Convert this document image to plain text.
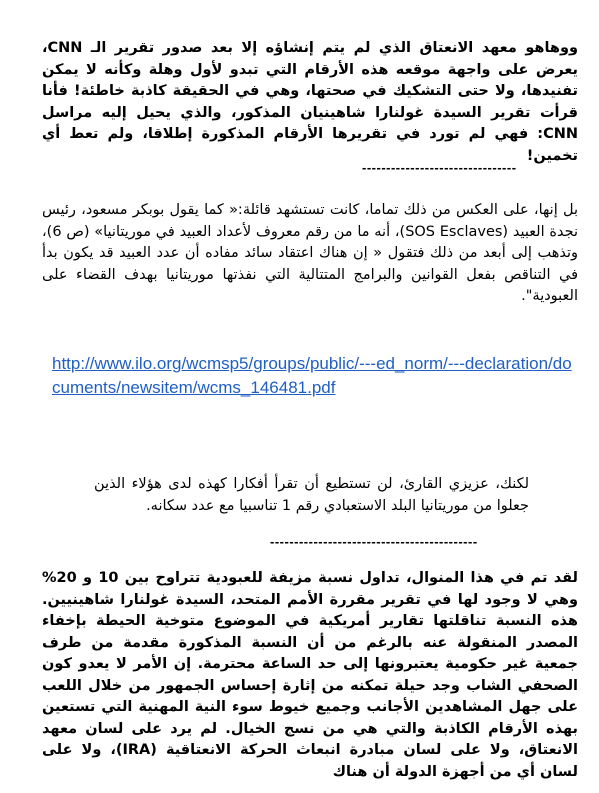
ووهاهو معهد الانعتاق الذي لم يتم إنشاؤه إلا بعد صدور تقرير الـ CNN، يعرض على واجهة موقعه هذه الأرقام التي تبدو لأول وهلة وكأنه لا يمكن تفنيدها، ولا حتى التشكيك في صحتها، وهي في الحقيقة كاذبة خاطئة! فأنا قرأت تقرير السيدة غولنارا شاهينيان المذكور، والذي يحيل إليه مراسل CNN: فهي لم تورد في تقريرها الأرقام المذكورة إطلاقا، ولم تعط أي تخمين!

--------------------------------

بل إنها، على العكس من ذلك تماما، كانت تستشهد قائلة:« كما يقول بوبكر مسعود، رئيس نجدة العبيد (SOS Esclaves)، أنه ما من رقم معروف لأعداد العبيد في موريتانيا» (ص 6)، وتذهب إلى أبعد من ذلك فتقول « إن هناك اعتقاد سائد مفاده أن عدد العبيد قد يكون بدأ في التناقص بفعل القوانين والبرامج المتتالية التي نفذتها موريتانيا بهدف القضاء على العبودية".

http://www.ilo.org/wcmsp5/groups/public/---ed_norm/---declaration/documents/newsitem/wcms_146481.pdf

لكنك، عزيزي القارئ، لن تستطيع أن تقرأ أفكارا كهذه لدى هؤلاء الذين جعلوا من موريتانيا البلد الاستعبادي رقم 1 تناسبيا مع عدد سكانه.

-------------------------------------------

لقد تم في هذا المنوال، تداول نسبة مزيفة للعبودية تتراوح بين 10 و 20% وهي لا وجود لها في تقرير مقررة الأمم المتحد، السيدة غولنارا شاهينيين. هذه النسبة تناقلتها تقارير أمريكية في الموضوع متوخية الحيطة بإخفاء المصدر المنقولة عنه بالرغم من أن النسبة المذكورة مقدمة من طرف جمعية غير حكومية يعتبرونها إلى حد الساعة محترمة. إن الأمر لا يعدو كون الصحفي الشاب وجد حيلة تمكنه من إثارة إحساس الجمهور من خلال اللعب على جهل المشاهدين الأجانب وجميع خيوط سوء النية المهنية التي تستعين بهذه الأرقام الكاذبة والتي هي من نسج الخيال. لم يرد على لسان معهد الانعتاق، ولا على لسان مبادرة انبعاث الحركة الانعتاقية (IRA)، ولا على لسان أي من أجهزة الدولة أن هناك
